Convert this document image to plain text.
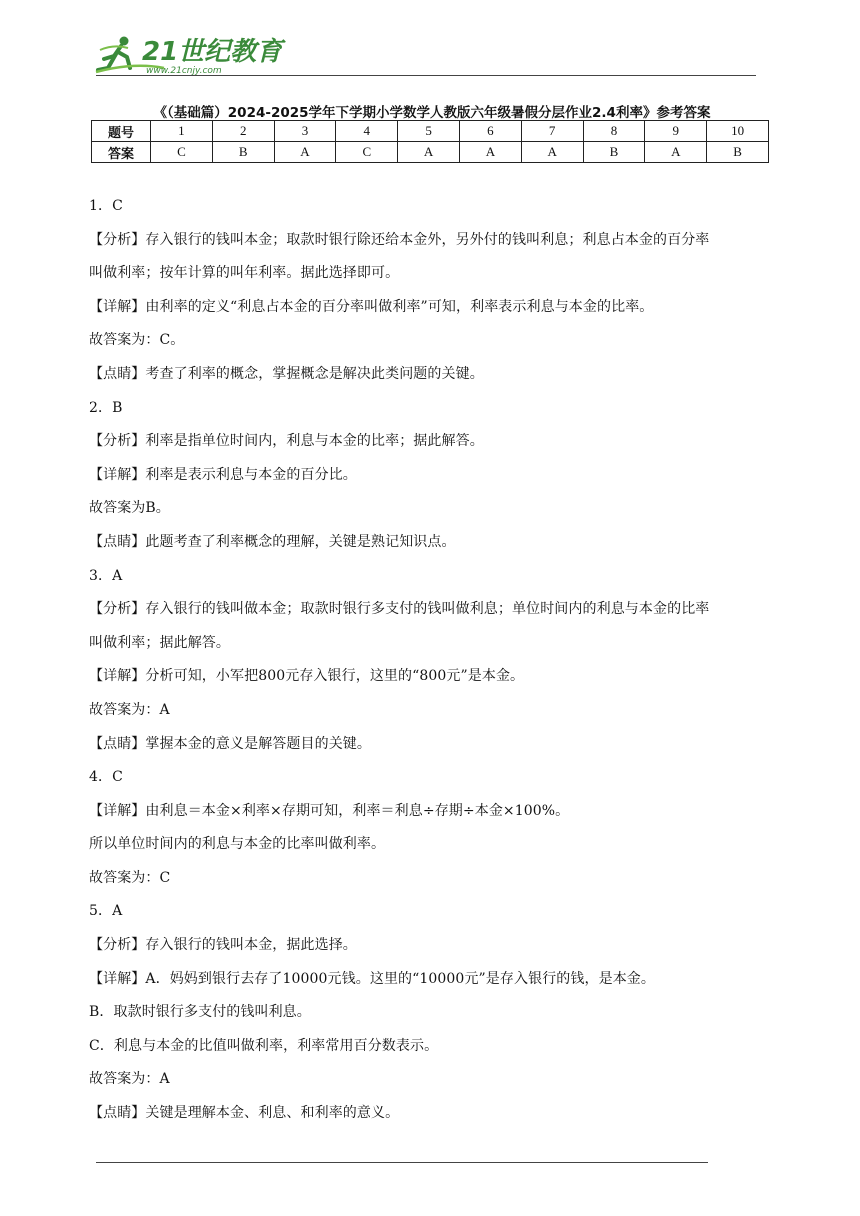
21世纪教育
www.21cnjy.com
《（基础篇）2024-2025学年下学期小学数学人教版六年级暑假分层作业2.4利率》参考答案
题号	1	2	3	4	5	6	7	8	9	10
答案	C	B	A	C	A	A	A	B	A	B
1．C
【分析】存入银行的钱叫本金；取款时银行除还给本金外，另外付的钱叫利息；利息占本金的百分率
叫做利率；按年计算的叫年利率。据此选择即可。
【详解】由利率的定义“利息占本金的百分率叫做利率”可知，利率表示利息与本金的比率。
故答案为：C。
【点睛】考查了利率的概念，掌握概念是解决此类问题的关键。
2．B
【分析】利率是指单位时间内，利息与本金的比率；据此解答。
【详解】利率是表示利息与本金的百分比。
故答案为B。
【点睛】此题考查了利率概念的理解，关键是熟记知识点。
3．A
【分析】存入银行的钱叫做本金；取款时银行多支付的钱叫做利息；单位时间内的利息与本金的比率
叫做利率；据此解答。
【详解】分析可知，小军把800元存入银行，这里的“800元”是本金。
故答案为：A
【点睛】掌握本金的意义是解答题目的关键。
4．C
【详解】由利息＝本金×利率×存期可知，利率＝利息÷存期÷本金×100%。
所以单位时间内的利息与本金的比率叫做利率。
故答案为：C
5．A
【分析】存入银行的钱叫本金，据此选择。
【详解】A．妈妈到银行去存了10000元钱。这里的“10000元”是存入银行的钱，是本金。
B．取款时银行多支付的钱叫利息。
C．利息与本金的比值叫做利率，利率常用百分数表示。
故答案为：A
【点睛】关键是理解本金、利息、和利率的意义。
